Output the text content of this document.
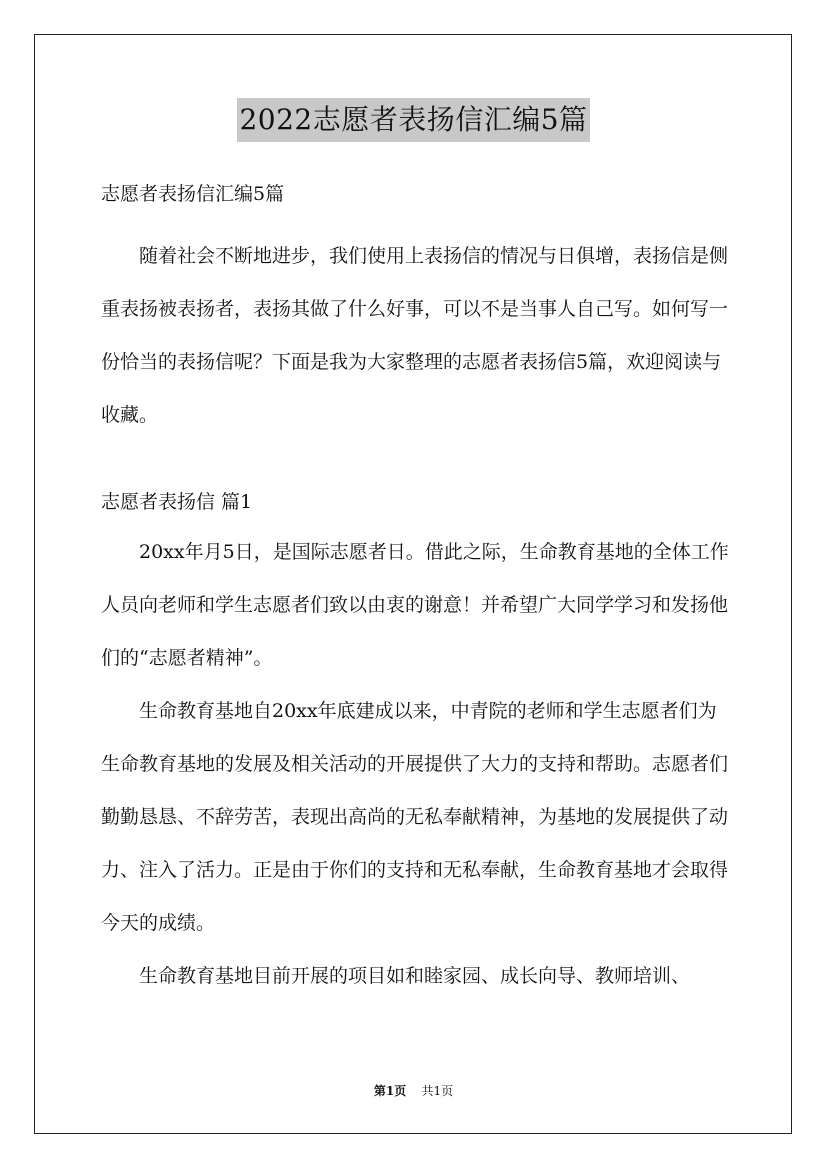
2022志愿者表扬信汇编5篇
志愿者表扬信汇编5篇

随着社会不断地进步，我们使用上表扬信的情况与日俱增，表扬信是侧重表扬被表扬者，表扬其做了什么好事，可以不是当事人自己写。如何写一份恰当的表扬信呢？下面是我为大家整理的志愿者表扬信5篇，欢迎阅读与收藏。

志愿者表扬信 篇1

20xx年月5日，是国际志愿者日。借此之际，生命教育基地的全体工作人员向老师和学生志愿者们致以由衷的谢意！并希望广大同学学习和发扬他们的“志愿者精神”。

生命教育基地自20xx年底建成以来，中青院的老师和学生志愿者们为生命教育基地的发展及相关活动的开展提供了大力的支持和帮助。志愿者们勤勤恳恳、不辞劳苦，表现出高尚的无私奉献精神，为基地的发展提供了动力、注入了活力。正是由于你们的支持和无私奉献，生命教育基地才会取得今天的成绩。

生命教育基地目前开展的项目如和睦家园、成长向导、教师培训、

第1页 共1页
